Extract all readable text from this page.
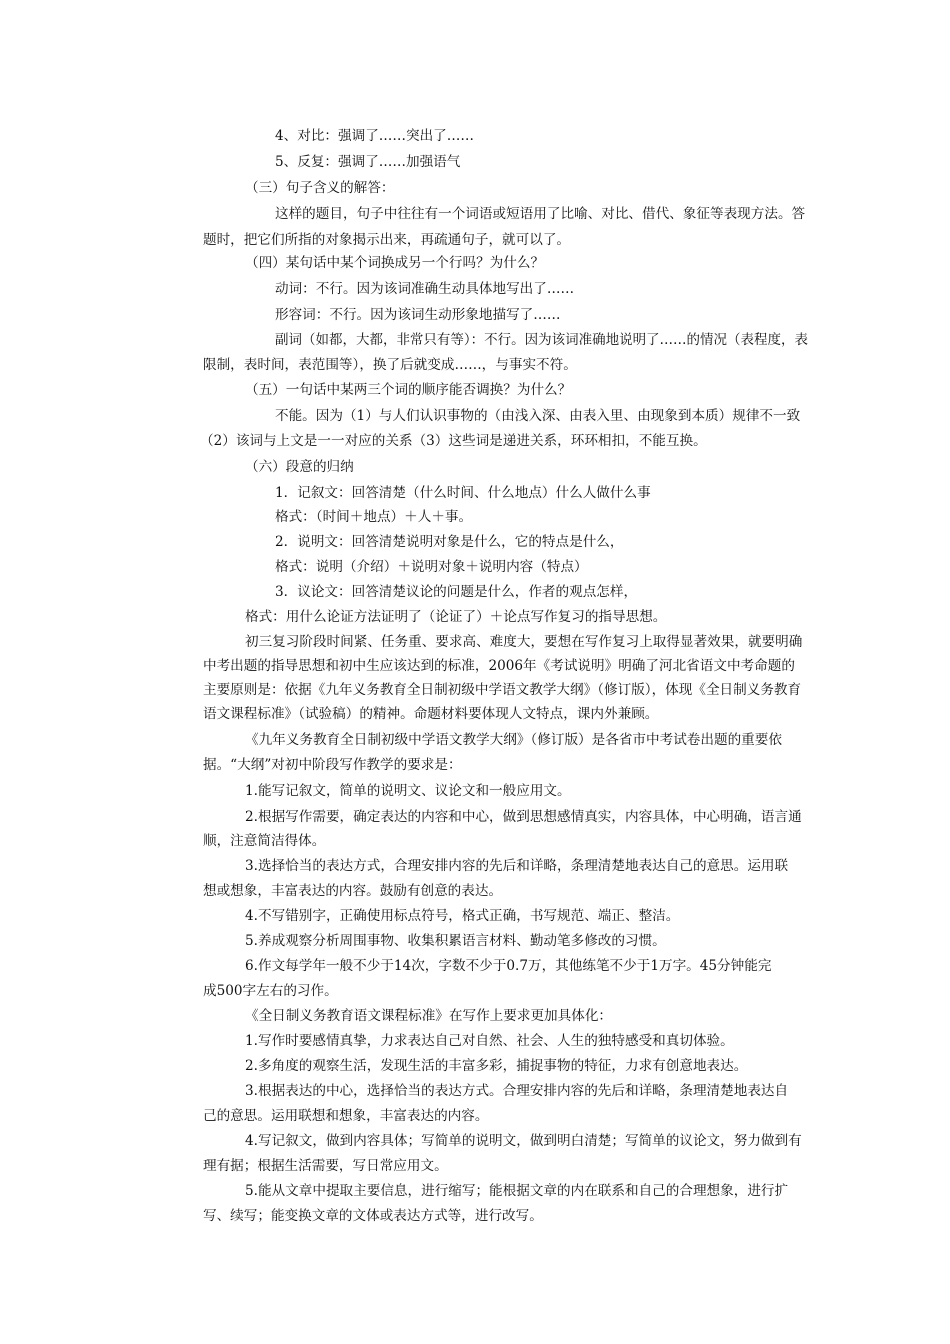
4、对比：强调了……突出了……
5、反复：强调了……加强语气
（三）句子含义的解答：
这样的题目，句子中往往有一个词语或短语用了比喻、对比、借代、象征等表现方法。答
题时，把它们所指的对象揭示出来，再疏通句子，就可以了。
（四）某句话中某个词换成另一个行吗？为什么？
动词：不行。因为该词准确生动具体地写出了……
形容词：不行。因为该词生动形象地描写了……
副词（如都，大都，非常只有等）：不行。因为该词准确地说明了……的情况（表程度，表
限制，表时间，表范围等），换了后就变成……，与事实不符。
（五）一句话中某两三个词的顺序能否调换？为什么？
不能。因为（1）与人们认识事物的（由浅入深、由表入里、由现象到本质）规律不一致
（2）该词与上文是一一对应的关系（3）这些词是递进关系，环环相扣，不能互换。
（六）段意的归纳
1．记叙文：回答清楚（什么时间、什么地点）什么人做什么事
格式：（时间＋地点）＋人＋事。
2．说明文：回答清楚说明对象是什么，它的特点是什么，
格式：说明（介绍）＋说明对象＋说明内容（特点）
3．议论文：回答清楚议论的问题是什么，作者的观点怎样，
格式：用什么论证方法证明了（论证了）＋论点写作复习的指导思想。
初三复习阶段时间紧、任务重、要求高、难度大，要想在写作复习上取得显著效果，就要明确
中考出题的指导思想和初中生应该达到的标准，2006年《考试说明》明确了河北省语文中考命题的
主要原则是：依据《九年义务教育全日制初级中学语文教学大纲》（修订版），体现《全日制义务教育
语文课程标准》（试验稿）的精神。命题材料要体现人文特点，课内外兼顾。
《九年义务教育全日制初级中学语文教学大纲》（修订版）是各省市中考试卷出题的重要依
据。“大纲”对初中阶段写作教学的要求是：
1.能写记叙文，简单的说明文、议论文和一般应用文。
2.根据写作需要，确定表达的内容和中心，做到思想感情真实，内容具体，中心明确，语言通
顺，注意简洁得体。
3.选择恰当的表达方式，合理安排内容的先后和详略，条理清楚地表达自己的意思。运用联
想或想象，丰富表达的内容。鼓励有创意的表达。
4.不写错别字，正确使用标点符号，格式正确，书写规范、端正、整洁。
5.养成观察分析周围事物、收集积累语言材料、勤动笔多修改的习惯。
6.作文每学年一般不少于14次，字数不少于0.7万，其他练笔不少于1万字。45分钟能完
成500字左右的习作。
《全日制义务教育语文课程标准》在写作上要求更加具体化：
1.写作时要感情真挚，力求表达自己对自然、社会、人生的独特感受和真切体验。
2.多角度的观察生活，发现生活的丰富多彩，捕捉事物的特征，力求有创意地表达。
3.根据表达的中心，选择恰当的表达方式。合理安排内容的先后和详略，条理清楚地表达自
己的意思。运用联想和想象，丰富表达的内容。
4.写记叙文，做到内容具体；写简单的说明文，做到明白清楚；写简单的议论文，努力做到有
理有据；根据生活需要，写日常应用文。
5.能从文章中提取主要信息，进行缩写；能根据文章的内在联系和自己的合理想象，进行扩
写、续写；能变换文章的文体或表达方式等，进行改写。
